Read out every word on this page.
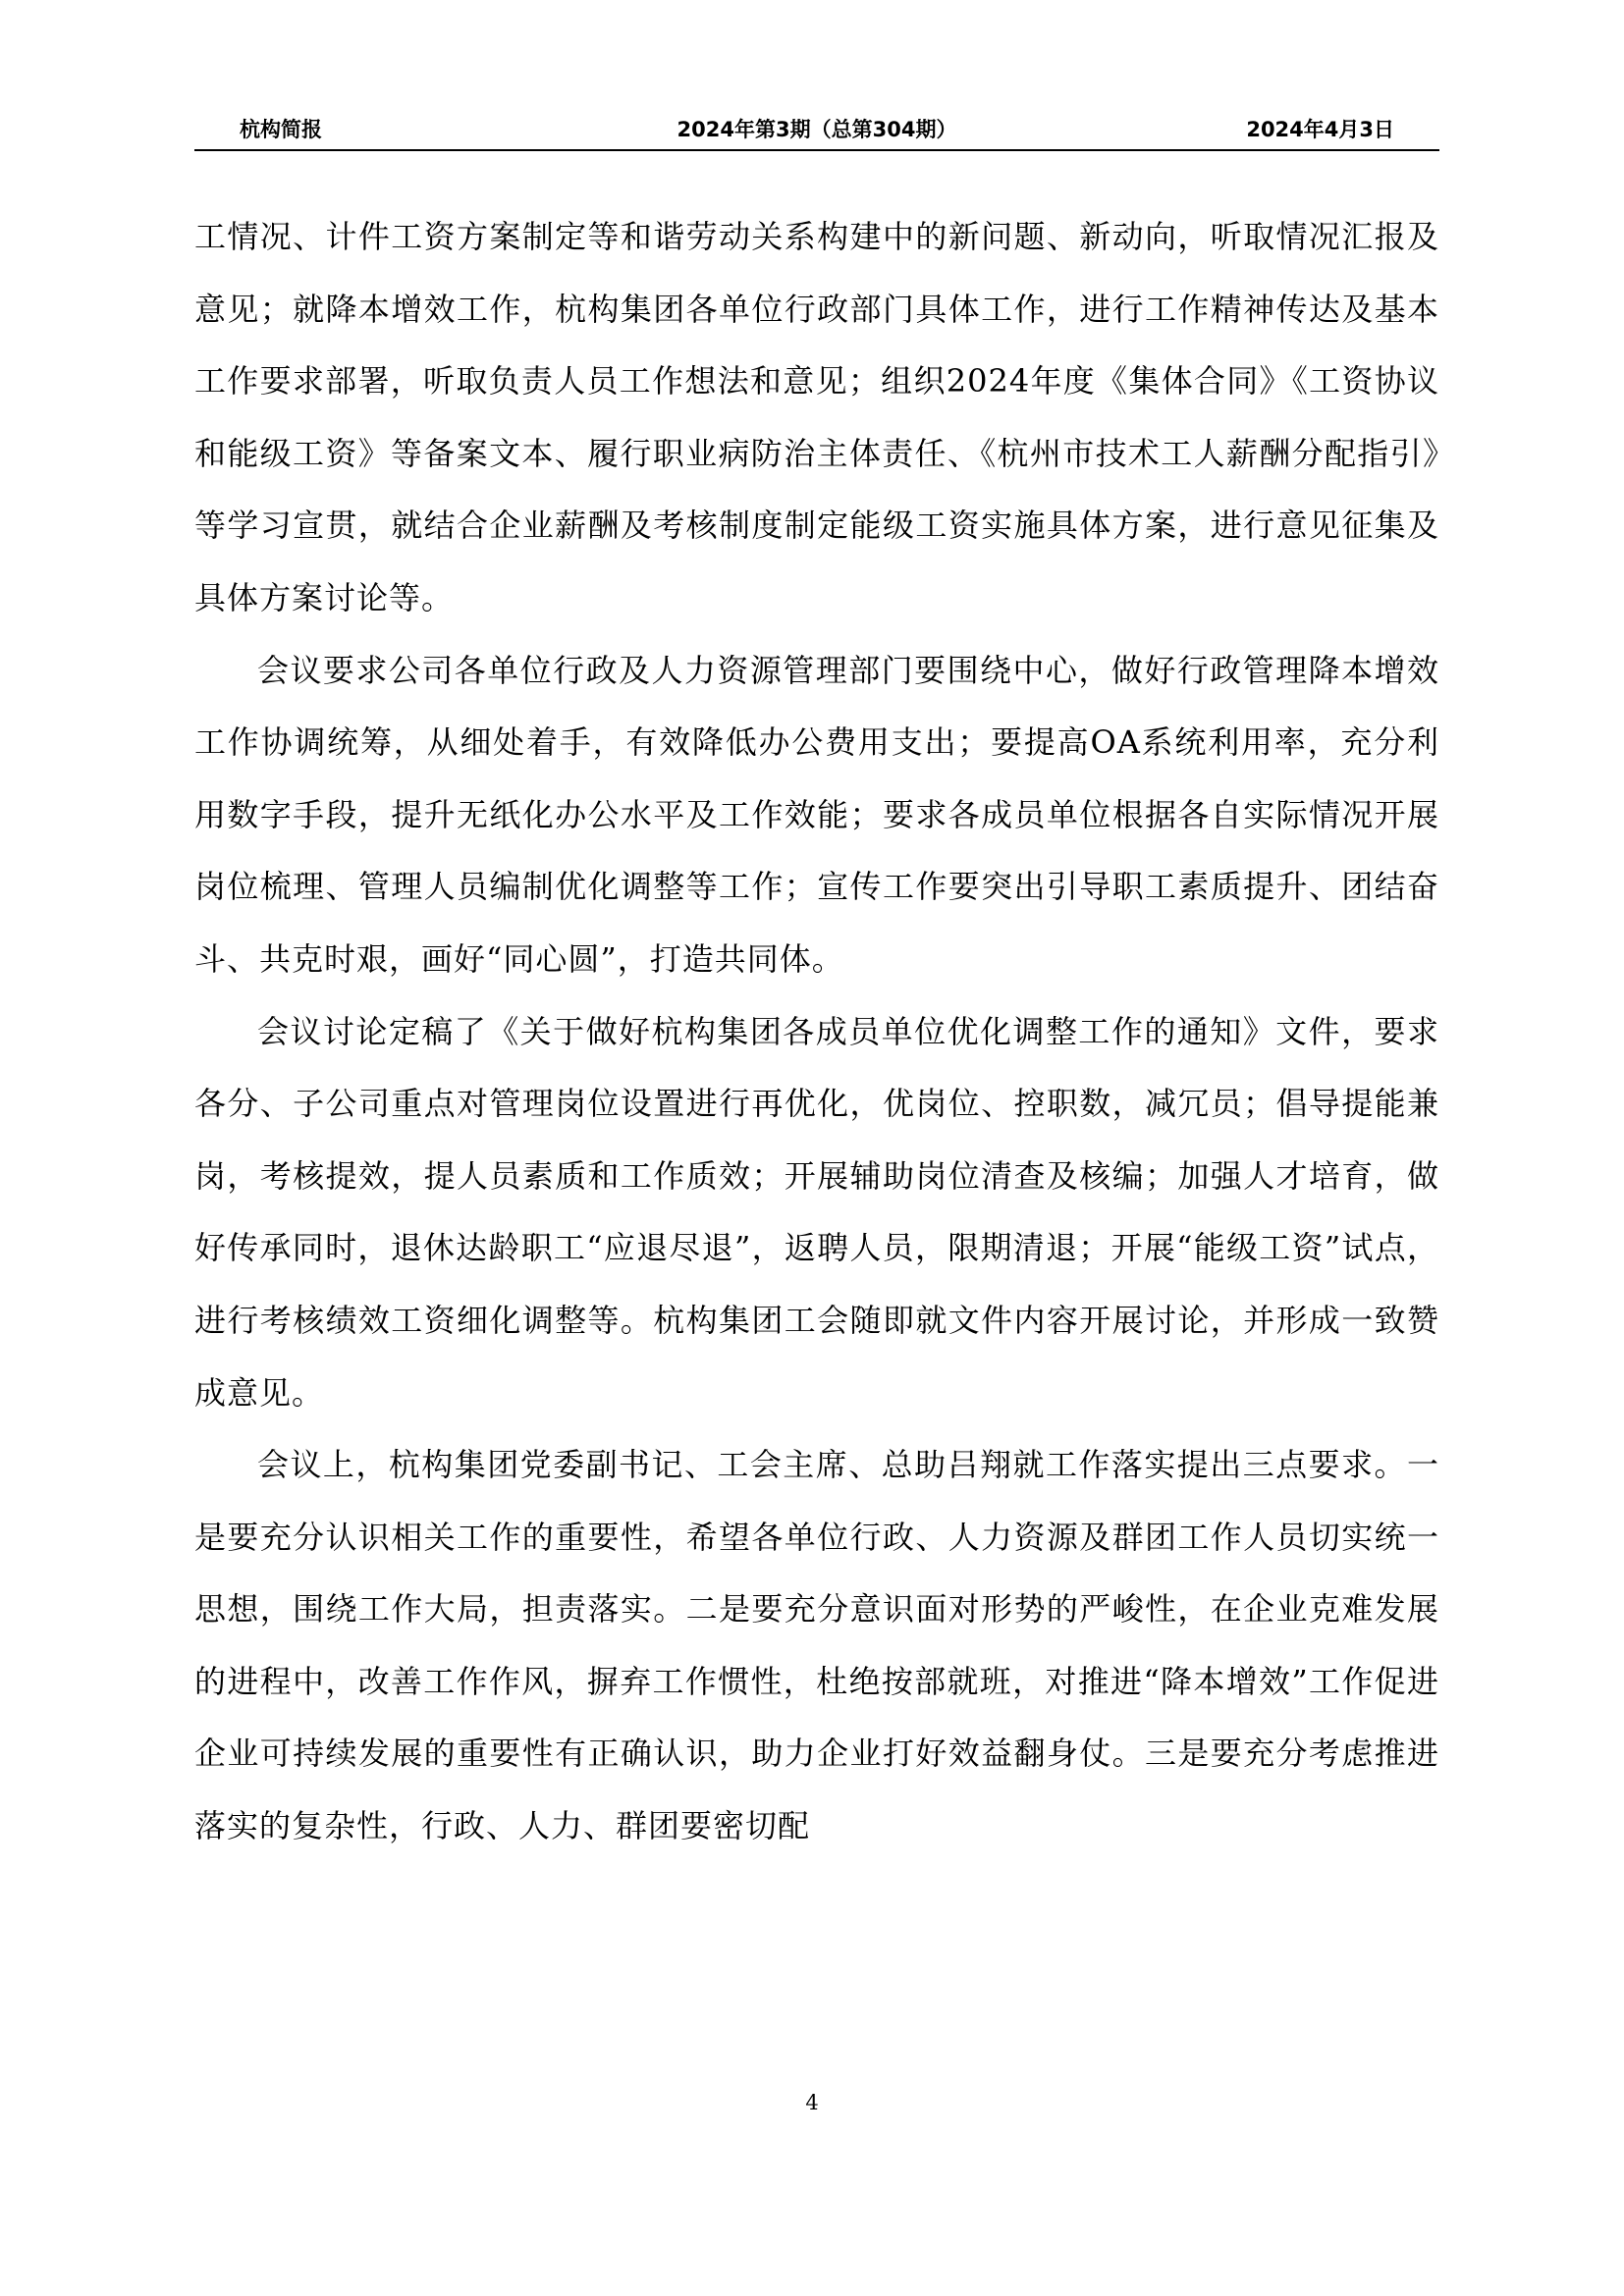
杭构简报	2024年第3期（总第304期）	2024年4月3日

工情况、计件工资方案制定等和谐劳动关系构建中的新问题、新动向，听取情况汇报及意见；就降本增效工作，杭构集团各单位行政部门具体工作，进行工作精神传达及基本工作要求部署，听取负责人员工作想法和意见；组织2024年度《集体合同》《工资协议和能级工资》等备案文本、履行职业病防治主体责任、《杭州市技术工人薪酬分配指引》等学习宣贯，就结合企业薪酬及考核制度制定能级工资实施具体方案，进行意见征集及具体方案讨论等。

会议要求公司各单位行政及人力资源管理部门要围绕中心，做好行政管理降本增效工作协调统筹，从细处着手，有效降低办公费用支出；要提高OA系统利用率，充分利用数字手段，提升无纸化办公水平及工作效能；要求各成员单位根据各自实际情况开展岗位梳理、管理人员编制优化调整等工作；宣传工作要突出引导职工素质提升、团结奋斗、共克时艰，画好“同心圆”，打造共同体。

会议讨论定稿了《关于做好杭构集团各成员单位优化调整工作的通知》文件，要求各分、子公司重点对管理岗位设置进行再优化，优岗位、控职数，减冗员；倡导提能兼岗，考核提效，提人员素质和工作质效；开展辅助岗位清查及核编；加强人才培育，做好传承同时，退休达龄职工“应退尽退”，返聘人员，限期清退；开展“能级工资”试点，进行考核绩效工资细化调整等。杭构集团工会随即就文件内容开展讨论，并形成一致赞成意见。

会议上，杭构集团党委副书记、工会主席、总助吕翔就工作落实提出三点要求。一是要充分认识相关工作的重要性，希望各单位行政、人力资源及群团工作人员切实统一思想，围绕工作大局，担责落实。二是要充分意识面对形势的严峻性，在企业克难发展的进程中，改善工作作风，摒弃工作惯性，杜绝按部就班，对推进“降本增效”工作促进企业可持续发展的重要性有正确认识，助力企业打好效益翻身仗。三是要充分考虑推进落实的复杂性，行政、人力、群团要密切配

4
